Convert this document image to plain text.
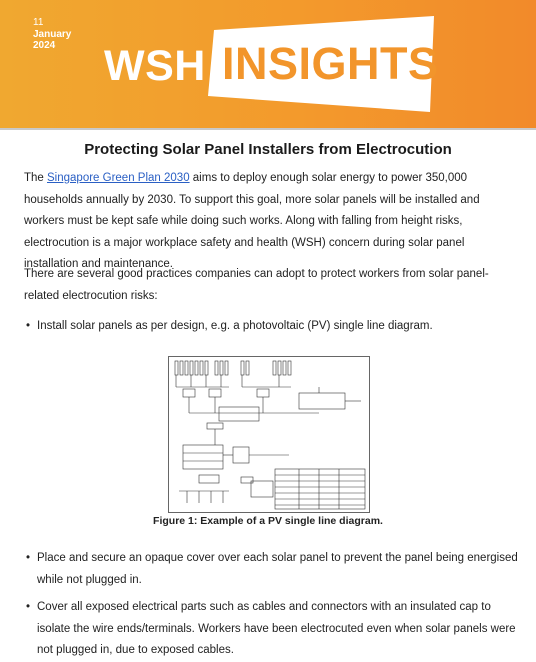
11
January
2024	WSH INSIGHTS
Protecting Solar Panel Installers from Electrocution
The Singapore Green Plan 2030 aims to deploy enough solar energy to power 350,000 households annually by 2030. To support this goal, more solar panels will be installed and workers must be kept safe while doing such works. Along with falling from height risks, electrocution is a major workplace safety and health (WSH) concern during solar panel installation and maintenance.
There are several good practices companies can adopt to protect workers from solar panel-related electrocution risks:
• Install solar panels as per design, e.g. a photovoltaic (PV) single line diagram.
Figure 1: Example of a PV single line diagram.
• Place and secure an opaque cover over each solar panel to prevent the panel being energised while not plugged in.
• Cover all exposed electrical parts such as cables and connectors with an insulated cap to isolate the wire ends/terminals. Workers have been electrocuted even when solar panels were not plugged in, due to exposed cables.
